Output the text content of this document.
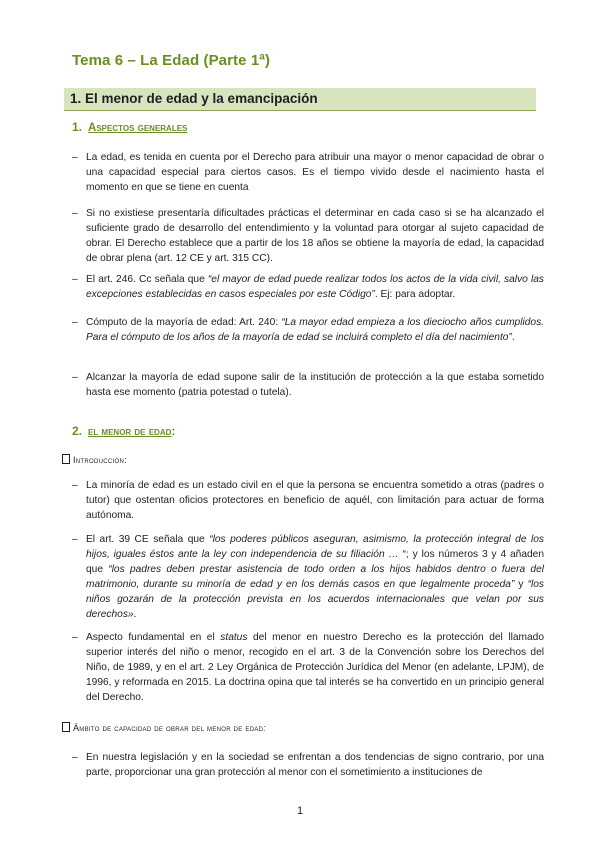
Tema 6 – La Edad (Parte 1ª)
1. El menor de edad y la emancipación
1. Aspectos generales
– La edad, es tenida en cuenta por el Derecho para atribuir una mayor o menor capacidad de obrar o una capacidad especial para ciertos casos. Es el tiempo vivido desde el nacimiento hasta el momento en que se tiene en cuenta
– Si no existiese presentaría dificultades prácticas el determinar en cada caso si se ha alcanzado el suficiente grado de desarrollo del entendimiento y la voluntad para otorgar al sujeto capacidad de obrar. El Derecho establece que a partir de los 18 años se obtiene la mayoría de edad, la capacidad de obrar plena (art. 12 CE y art. 315 CC).
– El art. 246. Cc señala que “el mayor de edad puede realizar todos los actos de la vida civil, salvo las excepciones establecidas en casos especiales por este Código”. Ej: para adoptar.
– Cómputo de la mayoría de edad: Art. 240: “La mayor edad empieza a los dieciocho años cumplidos. Para el cómputo de los años de la mayoría de edad se incluirá completo el día del nacimiento”.
– Alcanzar la mayoría de edad supone salir de la institución de protección a la que estaba sometido hasta ese momento (patria potestad o tutela).
2. el menor de edad:
Introducción:
– La minoría de edad es un estado civil en el que la persona se encuentra sometido a otras (padres o tutor) que ostentan oficios protectores en beneficio de aquél, con limitación para actuar de forma autónoma.
– El art. 39 CE señala que “los poderes públicos aseguran, asimismo, la protección integral de los hijos, iguales éstos ante la ley con independencia de su filiación … “; y los números 3 y 4 añaden que “los padres deben prestar asistencia de todo orden a los hijos habidos dentro o fuera del matrimonio, durante su minoría de edad y en los demás casos en que legalmente proceda” y “los niños gozarán de la protección prevista en los acuerdos internacionales que velan por sus derechos».
– Aspecto fundamental en el status del menor en nuestro Derecho es la protección del llamado superior interés del niño o menor, recogido en el art. 3 de la Convención sobre los Derechos del Niño, de 1989, y en el art. 2 Ley Orgánica de Protección Jurídica del Menor (en adelante, LPJM), de 1996, y reformada en 2015. La doctrina opina que tal interés se ha convertido en un principio general del Derecho.
Ámbito de capacidad de obrar del menor de edad:
– En nuestra legislación y en la sociedad se enfrentan a dos tendencias de signo contrario, por una parte, proporcionar una gran protección al menor con el sometimiento a instituciones de
1
